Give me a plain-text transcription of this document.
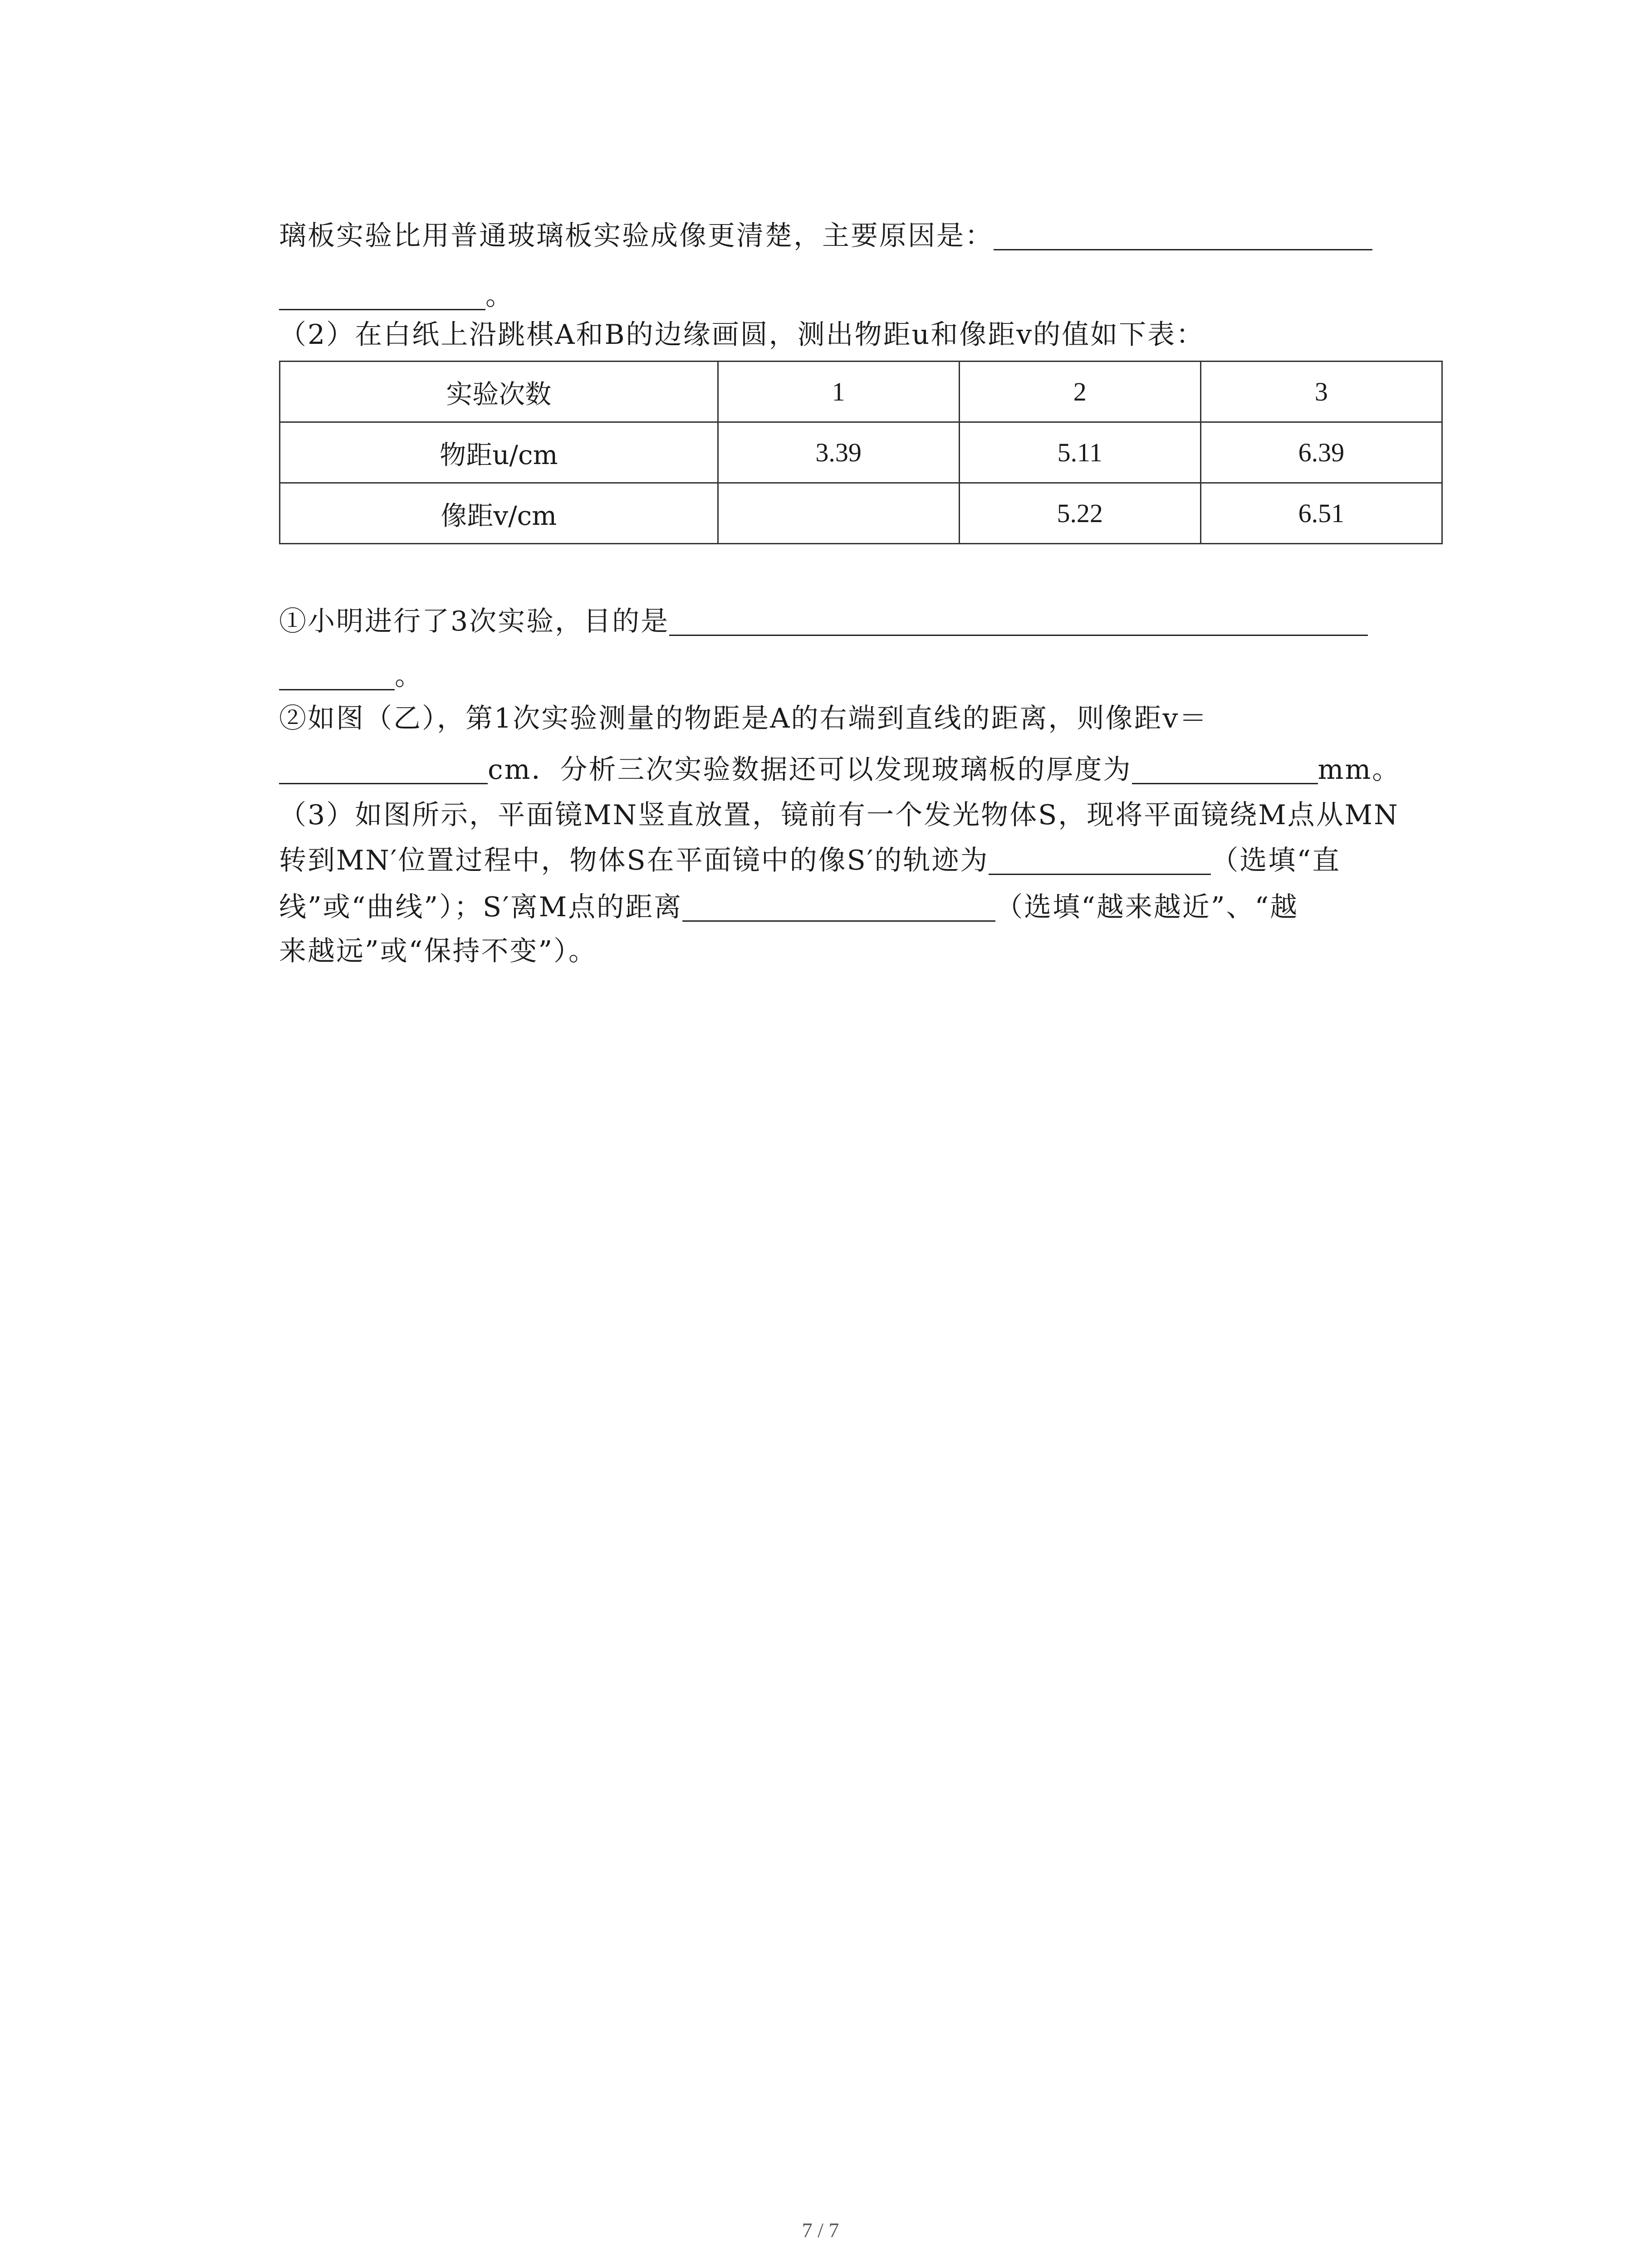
璃板实验比用普通玻璃板实验成像更清楚，主要原因是：
。
（2）在白纸上沿跳棋A和B的边缘画圆，测出物距u和像距v的值如下表：
实验次数	1	2	3
物距u/cm	3.39	5.11	6.39
像距v/cm		5.22	6.51
①小明进行了3次实验，目的是
。
②如图（乙），第1次实验测量的物距是A的右端到直线的距离，则像距v＝
cm．分析三次实验数据还可以发现玻璃板的厚度为	mm。
（3）如图所示，平面镜MN竖直放置，镜前有一个发光物体S，现将平面镜绕M点从MN
转到MN′位置过程中，物体S在平面镜中的像S′的轨迹为	（选填“直
线”或“曲线”）；S′离M点的距离	（选填“越来越近”、“越
来越远”或“保持不变”）。
7 / 7
